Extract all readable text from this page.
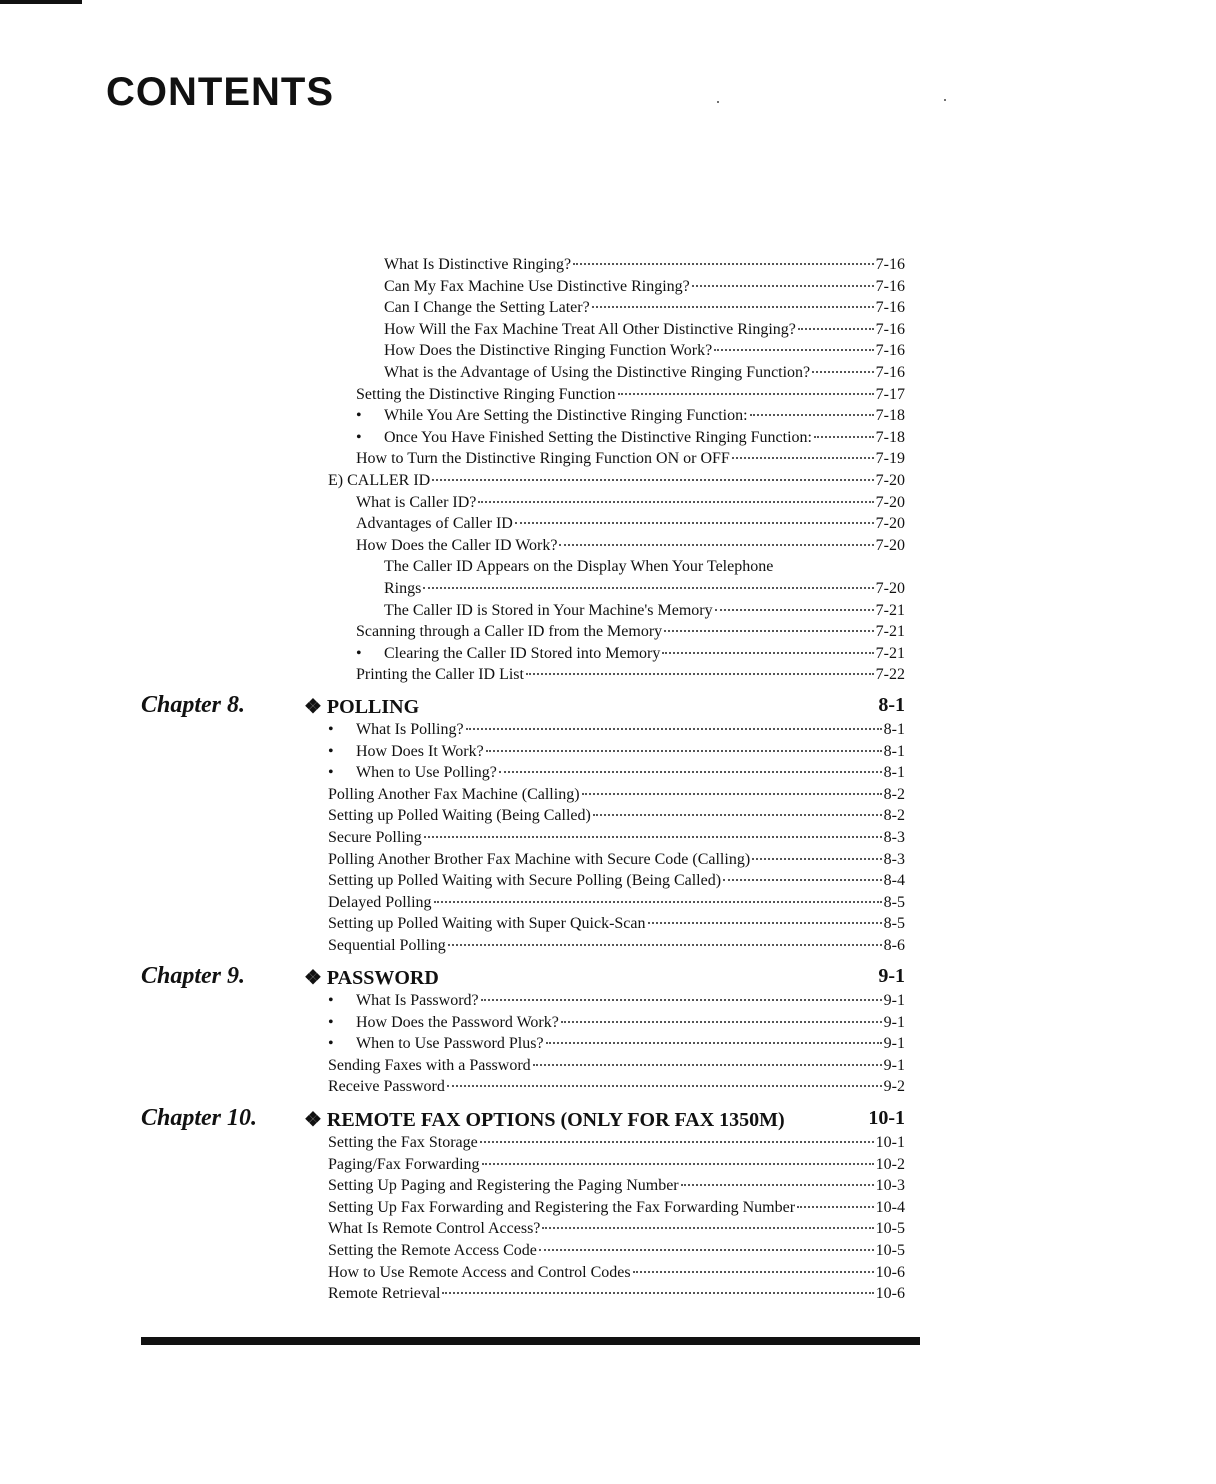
CONTENTS
What Is Distinctive Ringing?	7-16
Can My Fax Machine Use Distinctive Ringing?	7-16
Can I Change the Setting Later?	7-16
How Will the Fax Machine Treat All Other Distinctive Ringing?	7-16
How Does the Distinctive Ringing Function Work?	7-16
What is the Advantage of Using the Distinctive Ringing Function?	7-16
Setting the Distinctive Ringing Function	7-17
• While You Are Setting the Distinctive Ringing Function:	7-18
• Once You Have Finished Setting the Distinctive Ringing Function:	7-18
How to Turn the Distinctive Ringing Function ON or OFF	7-19
E) CALLER ID	7-20
What is Caller ID?	7-20
Advantages of Caller ID	7-20
How Does the Caller ID Work?	7-20
The Caller ID Appears on the Display When Your Telephone
Rings	7-20
The Caller ID is Stored in Your Machine's Memory	7-21
Scanning through a Caller ID from the Memory	7-21
• Clearing the Caller ID Stored into Memory	7-21
Printing the Caller ID List	7-22
Chapter 8.	❖ POLLING	8-1
• What Is Polling?	8-1
• How Does It Work?	8-1
• When to Use Polling?	8-1
Polling Another Fax Machine (Calling)	8-2
Setting up Polled Waiting (Being Called)	8-2
Secure Polling	8-3
Polling Another Brother Fax Machine with Secure Code (Calling)	8-3
Setting up Polled Waiting with Secure Polling (Being Called)	8-4
Delayed Polling	8-5
Setting up Polled Waiting with Super Quick-Scan	8-5
Sequential Polling	8-6
Chapter 9.	❖ PASSWORD	9-1
• What Is Password?	9-1
• How Does the Password Work?	9-1
• When to Use Password Plus?	9-1
Sending Faxes with a Password	9-1
Receive Password	9-2
Chapter 10. ❖ REMOTE FAX OPTIONS (ONLY FOR FAX 1350M)	10-1
Setting the Fax Storage	10-1
Paging/Fax Forwarding	10-2
Setting Up Paging and Registering the Paging Number	10-3
Setting Up Fax Forwarding and Registering the Fax Forwarding Number	10-4
What Is Remote Control Access?	10-5
Setting the Remote Access Code	10-5
How to Use Remote Access and Control Codes	10-6
Remote Retrieval	10-6
